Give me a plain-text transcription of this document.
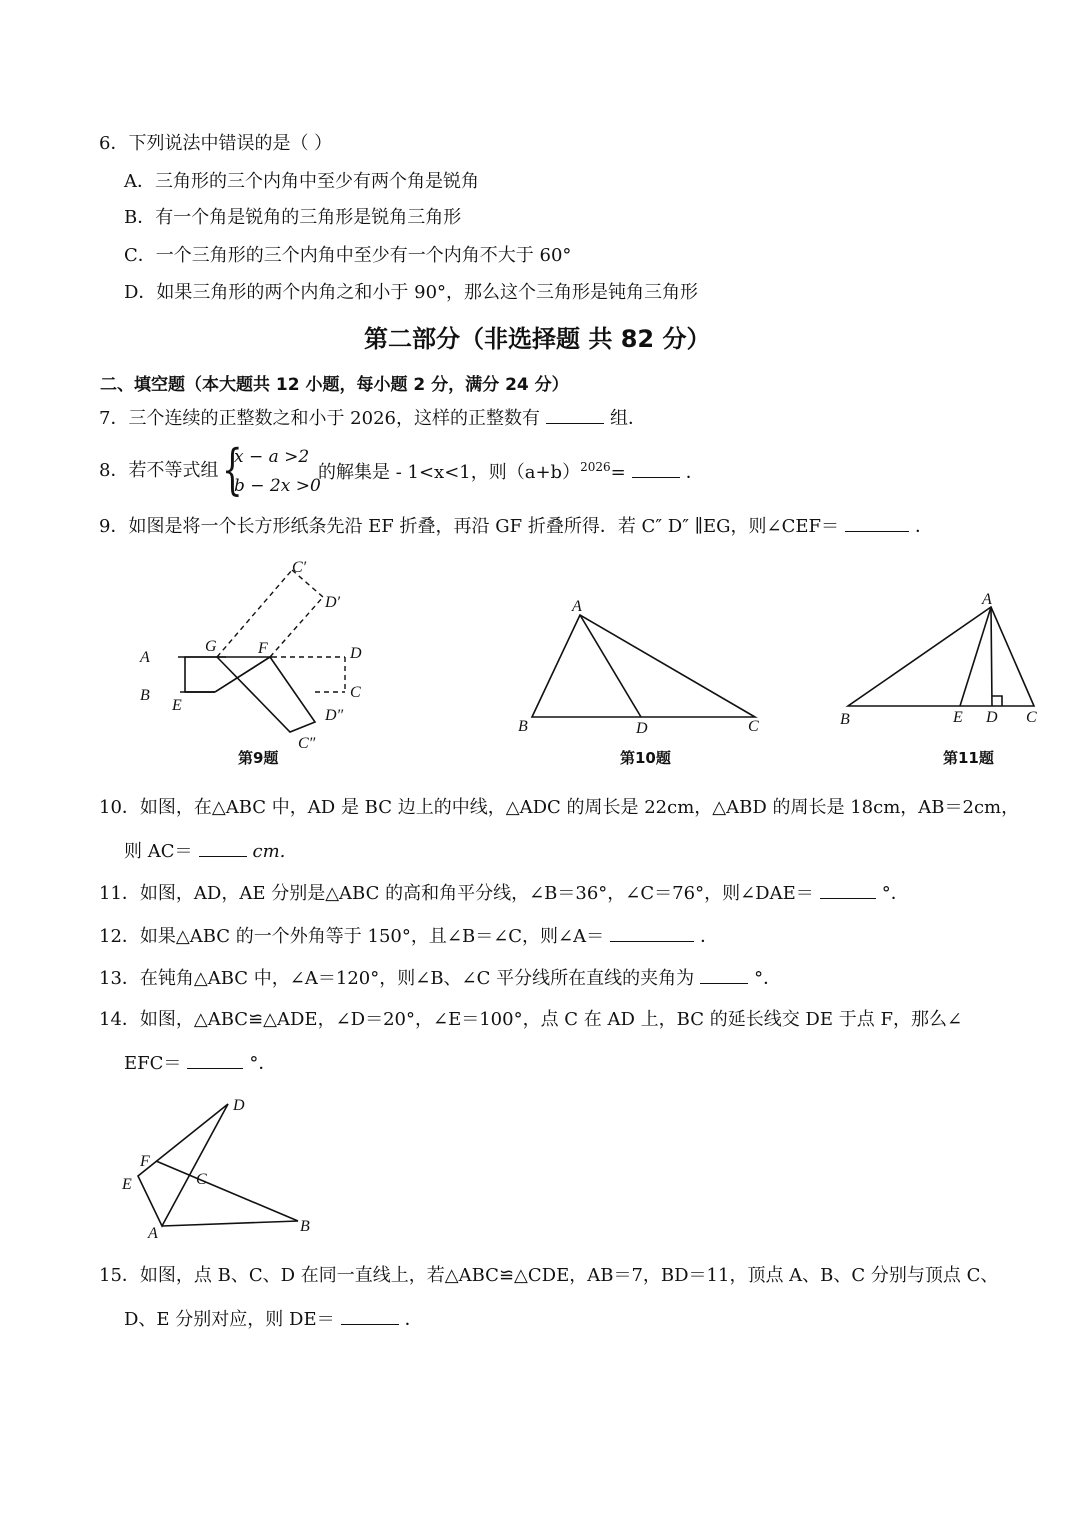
6．下列说法中错误的是（ ）
A．三角形的三个内角中至少有两个角是锐角
B．有一个角是锐角的三角形是锐角三角形
C．一个三角形的三个内角中至少有一个内角不大于 60°
D．如果三角形的两个内角之和小于 90°，那么这个三角形是钝角三角形
第二部分（非选择题 共 82 分）
二、填空题（本大题共 12 小题，每小题 2 分，满分 24 分）
7．三个连续的正整数之和小于 2026，这样的正整数有	组．
8．若不等式组 {
x − a >2
b − 2x >0
的解集是 - 1<x<1，则$(a+b)^{2026}=$	．
9．如图是将一个长方形纸条先沿 EF 折叠，再沿 GF 折叠所得．若 C″ D″ ∥EG，则∠CEF＝	．
C′
D′
A
G	F	D
B
E
C
D″
C″
第9题
A
B	D	C
第10题
A
B	E D C
第11题
10．如图，在△ABC 中，AD 是 BC 边上的中线，△ADC 的周长是 22cm，△ABD 的周长是 18cm，AB＝2cm，
则 AC＝	cm.
11．如图，AD，AE 分别是△ABC 的高和角平分线，∠B＝36°，∠C＝76°，则∠DAE＝	°．
12．如果△ABC 的一个外角等于 150°，且∠B＝∠C，则∠A＝	．
13．在钝角△ABC 中，∠A＝120°，则∠B、∠C 平分线所在直线的夹角为	°．
14．如图，△ABC≌△ADE，∠D＝20°，∠E＝100°，点 C 在 AD 上，BC 的延长线交 DE 于点 F，那么∠
EFC＝	°．
D
F
E	C
A	B
15．如图，点 B、C、D 在同一直线上，若△ABC≌△CDE，AB＝7，BD＝11，顶点 A、B、C 分别与顶点 C、
D、E 分别对应，则 DE＝	．
